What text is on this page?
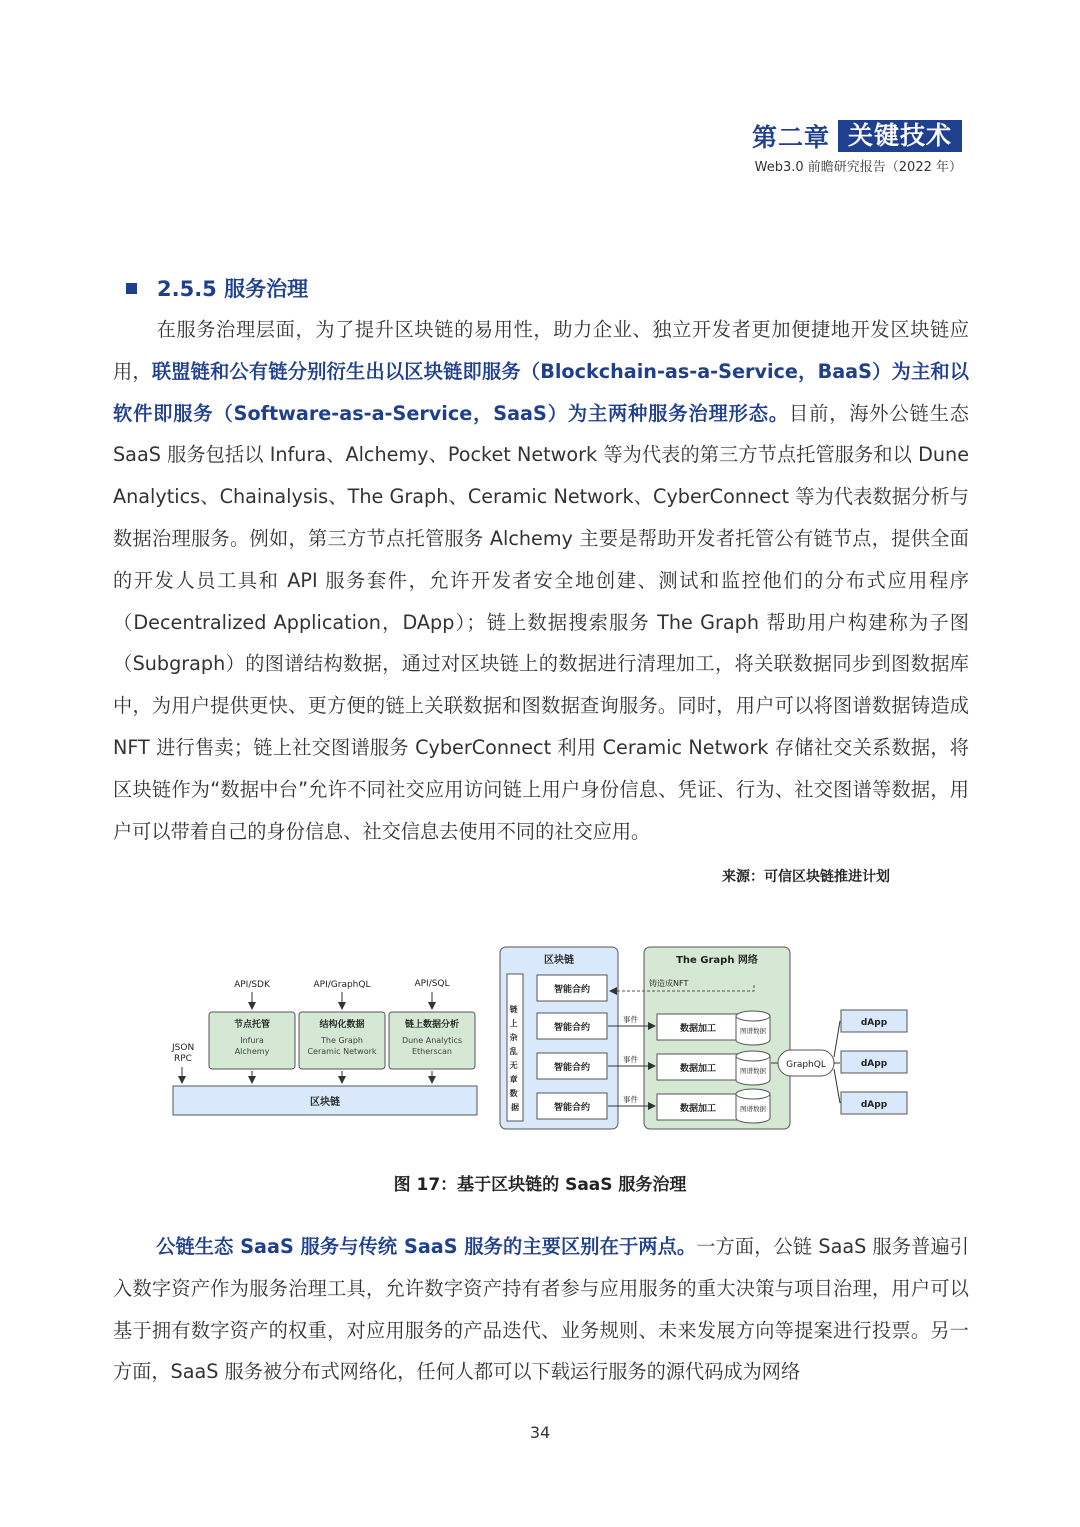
第二章 关键技术
Web3.0 前瞻研究报告（2022 年）
2.5.5 服务治理

在服务治理层面，为了提升区块链的易用性，助力企业、独立开发者更加便捷地开发区块链应用，联盟链和公有链分别衍生出以区块链即服务（Blockchain-as-a-Service，BaaS）为主和以软件即服务（Software-as-a-Service，SaaS）为主两种服务治理形态。目前，海外公链生态 SaaS 服务包括以 Infura、Alchemy、Pocket Network 等为代表的第三方节点托管服务和以 Dune Analytics、Chainalysis、The Graph、Ceramic Network、CyberConnect 等为代表数据分析与数据治理服务。例如，第三方节点托管服务 Alchemy 主要是帮助开发者托管公有链节点，提供全面的开发人员工具和 API 服务套件，允许开发者安全地创建、测试和监控他们的分布式应用程序（Decentralized Application，DApp）；链上数据搜索服务 The Graph 帮助用户构建称为子图（Subgraph）的图谱结构数据，通过对区块链上的数据进行清理加工，将关联数据同步到图数据库中，为用户提供更快、更方便的链上关联数据和图数据查询服务。同时，用户可以将图谱数据铸造成 NFT 进行售卖；链上社交图谱服务 CyberConnect 利用 Ceramic Network 存储社交关系数据，将区块链作为“数据中台”允许不同社交应用访问链上用户身份信息、凭证、行为、社交图谱等数据，用户可以带着自己的身份信息、社交信息去使用不同的社交应用。

来源：可信区块链推进计划
API/SDK	API/GraphQL	API/SQL
节点托管
Infura
Alchemy
结构化数据
The Graph
Ceramic Network
链上数据分析
Dune Analytics
Etherscan
JSON
RPC
区块链
区块链
链 上 杂 乱 无 章 数 据
智能合约
智能合约
智能合约
智能合约
The Graph 网络
铸造成NFT
事件
事件
事件
数据加工
数据加工
数据加工
图谱数据
图谱数据
图谱数据
GraphQL
dApp
dApp
dApp
图 17：基于区块链的 SaaS 服务治理

公链生态 SaaS 服务与传统 SaaS 服务的主要区别在于两点。一方面，公链 SaaS 服务普遍引入数字资产作为服务治理工具，允许数字资产持有者参与应用服务的重大决策与项目治理，用户可以基于拥有数字资产的权重，对应用服务的产品迭代、业务规则、未来发展方向等提案进行投票。另一方面，SaaS 服务被分布式网络化，任何人都可以下载运行服务的源代码成为网络

34
